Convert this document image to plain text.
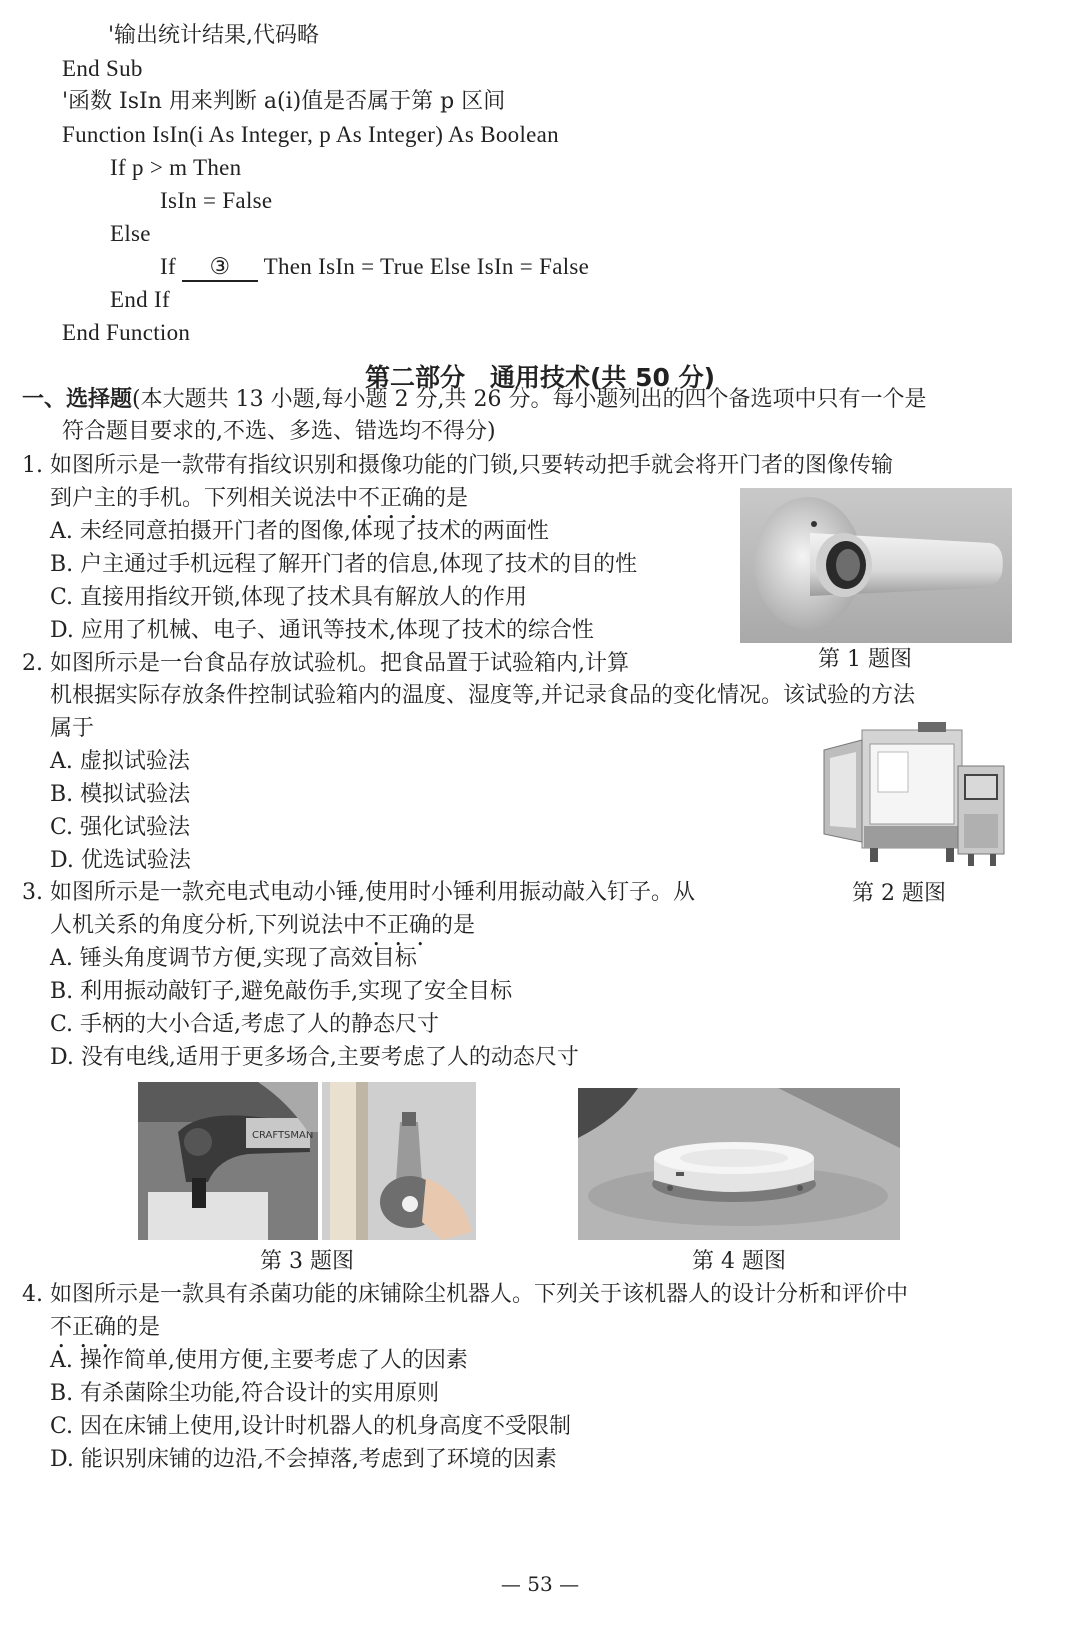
'输出统计结果,代码略
End Sub
'函数 IsIn 用来判断 a(i)值是否属于第 p 区间
Function IsIn(i As Integer, p As Integer) As Boolean
If p > m Then
IsIn = False
Else
If ③ Then IsIn = True Else IsIn = False
End If
End Function
第二部分　通用技术(共 50 分)
一、选择题(本大题共 13 小题,每小题 2 分,共 26 分。每小题列出的四个备选项中只有一个是
符合题目要求的,不选、多选、错选均不得分)
1. 如图所示是一款带有指纹识别和摄像功能的门锁,只要转动把手就会将开门者的图像传输
到户主的手机。下列相关说法中不正确的是
A. 未经同意拍摄开门者的图像,体现了技术的两面性
B. 户主通过手机远程了解开门者的信息,体现了技术的目的性
C. 直接用指纹开锁,体现了技术具有解放人的作用
D. 应用了机械、电子、通讯等技术,体现了技术的综合性
第 1 题图
2. 如图所示是一台食品存放试验机。把食品置于试验箱内,计算
机根据实际存放条件控制试验箱内的温度、湿度等,并记录食品的变化情况。该试验的方法
属于
A. 虚拟试验法
B. 模拟试验法
C. 强化试验法
D. 优选试验法
第 2 题图
3. 如图所示是一款充电式电动小锤,使用时小锤利用振动敲入钉子。从
人机关系的角度分析,下列说法中不正确的是
A. 锤头角度调节方便,实现了高效目标
B. 利用振动敲钉子,避免敲伤手,实现了安全目标
C. 手柄的大小合适,考虑了人的静态尺寸
D. 没有电线,适用于更多场合,主要考虑了人的动态尺寸
CRAFTSMAN
第 3 题图	第 4 题图
4. 如图所示是一款具有杀菌功能的床铺除尘机器人。下列关于该机器人的设计分析和评价中
不正确的是
A. 操作简单,使用方便,主要考虑了人的因素
B. 有杀菌除尘功能,符合设计的实用原则
C. 因在床铺上使用,设计时机器人的机身高度不受限制
D. 能识别床铺的边沿,不会掉落,考虑到了环境的因素
— 53 —
